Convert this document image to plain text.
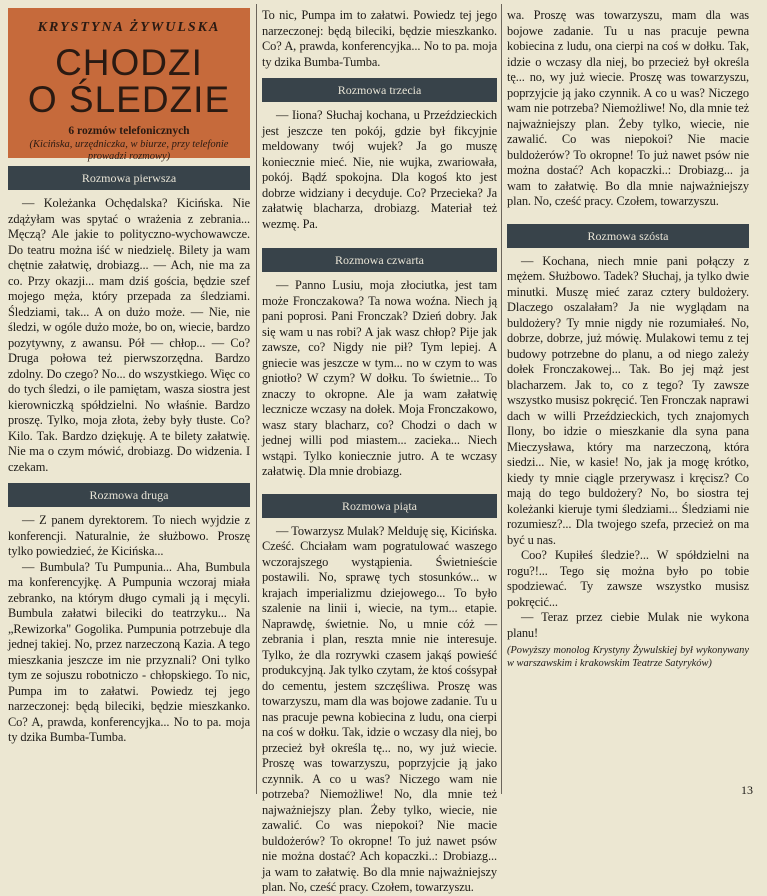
KRYSTYNA ŻYWULSKA
CHODZI
O ŚLEDZIE
6 rozmów telefonicznych
(Kicińska, urzędniczka, w biurze, przy telefonie prowadzi rozmowy)
Rozmowa pierwsza

— Koleżanka Ochędalska? Kicińska. Nie zdążyłam was spytać o wrażenia z zebrania... Męczą? Ale jakie to polityczno-wychowawcze. Do teatru można iść w niedzielę. Bilety ja wam chętnie załatwię, drobiazg... — Ach, nie ma za co. Przy okazji... mam dziś gościa, będzie szef mojego męża, który przepada za śledziami. Śledziami, tak... A on dużo może. — Nie, nie śledzi, w ogóle dużo może, bo on, wiecie, bardzo pozytywny, z awansu. Pół — chłop... — Co? Druga połowa też pierwszorzędna. Bardzo zdolny. Do czego? No... do wszystkiego. Więc co do tych śledzi, o ile pamiętam, wasza siostra jest kierowniczką spółdzielni. No właśnie. Bardzo proszę. Tylko, moja złota, żeby były tłuste. Co? Kilo. Tak. Bardzo dziękuję. A te bilety załatwię. Nie ma o czym mówić, drobiazg. Do widzenia. I czekam.

Rozmowa druga

— Z panem dyrektorem. To niech wyjdzie z konferencji. Naturalnie, że służbowo. Proszę tylko powiedzieć, że Kicińska...

— Bumbula? Tu Pumpunia... Aha, Bumbula ma konferencyjkę. A Pumpunia wczoraj miała zebranko, na którym długo cymali ją i męcyli. Bumbula załatwi bileciki do teatrzyku... Na „Rewizorka" Gogolika. Pumpunia potrzebuje dla jednej takiej. No, przez narzeczoną Kazia. A tego mieszkania jeszcze im nie przyznali? Oni tylko tym ze sojuszu robotniczo - chłopskiego. To nic, Pumpa im to załatwi. Powiedz tej jego narzeczonej: będą bileciki, będzie mieszkanko. Co? A, prawda, konferencyjka... No to pa. moja ty dzika Bumba-Tumba.

To nic, Pumpa im to załatwi. Powiedz tej jego narzeczonej: będą bileciki, będzie mieszkanko. Co? A, prawda, konferencyjka... No to pa. moja ty dzika Bumba-Tumba.

Rozmowa trzecia

— Iiona? Słuchaj kochana, u Przeździeckich jest jeszcze ten pokój, gdzie był fikcyjnie meldowany twój wujek? Ja go muszę koniecznie mieć. Nie, nie wujka, zwariowała, pokój. Bądź spokojna. Dla kogoś kto jest dobrze widziany i decyduje. Co? Przecieka? Ja załatwię blacharza, drobiazg. Materiał też wezmę. Pa.

Rozmowa czwarta

— Panno Lusiu, moja złociutka, jest tam może Fronczakowa? Ta nowa woźna. Niech ją pani poprosi. Pani Fronczak? Dzień dobry. Jak się wam u nas robi? A jak wasz chłop? Pije jak zawsze, co? Nigdy nie pił? Tym lepiej. A gniecie was jeszcze w tym... no w czym to was gniotło? W czym? W dołku. To świetnie... To znaczy to okropne. Ale ja wam załatwię lecznicze wczasy na dołek. Moja Fronczakowo, wasz stary blacharz, co? Chodzi o dach w jednej willi pod miastem... zacieka... Niech wstąpi. Tylko koniecznie jutro. A te wczasy załatwię. Dla mnie drobiazg.

Rozmowa piąta

— Towarzysz Mulak? Melduję się, Kicińska. Cześć. Chciałam wam pogratulować waszego wczorajszego wystąpienia. Świetnieście postawili. No, sprawę tych stosunków... w krajach imperializmu dziejowego... To było szalenie na linii i, wiecie, na tym... etapie. Naprawdę, świetnie. No, u mnie cóż — zebrania i plan, reszta mnie nie interesuje. Tylko, że dla rozrywki czasem jakąś powieść produkcyjną. Jak tylko czytam, że ktoś cośsypał do cementu, jestem szczęśliwa. Proszę was towarzyszu, mam dla was bojowe zadanie. Tu u nas pracuje pewna kobiecina z ludu, ona cierpi na coś w dołku. Tak, idzie o wczasy dla niej, bo przecież był określa tę... no, wy już wiecie. Proszę was towarzyszu, poprzyjcie ją jako czynnik. A co u was? Niczego wam nie potrzeba? Niemożliwe! No, dla mnie też najważniejszy plan. Żeby tylko, wiecie, nie zawalić. Co was niepokoi? Nie macie buldożerów? To okropne! To już nawet psów nie można dostać? Ach kopaczki..: Drobiazg... ja wam to załatwię. Bo dla mnie najważniejszy plan. No, cześć pracy. Czołem, towarzyszu.

wa. Proszę was towarzyszu, mam dla was bojowe zadanie. Tu u nas pracuje pewna kobiecina z ludu, ona cierpi na coś w dołku. Tak, idzie o wczasy dla niej, bo przecież był określa tę... no, wy już wiecie. Proszę was towarzyszu, poprzyjcie ją jako czynnik. A co u was? Niczego wam nie potrzeba? Niemożliwe! No, dla mnie też najważniejszy plan. Żeby tylko, wiecie, nie zawalić. Co was niepokoi? Nie macie buldożerów? To okropne! To już nawet psów nie można dostać? Ach kopaczki..: Drobiazg... ja wam to załatwię. Bo dla mnie najważniejszy plan. No, cześć pracy. Czołem, towarzyszu.

Rozmowa szósta

— Kochana, niech mnie pani połączy z mężem. Służbowo. Tadek? Słuchaj, ja tylko dwie minutki. Muszę mieć zaraz cztery buldożery. Dlaczego oszalałam? Ja nie wyglądam na buldożery? Ty mnie nigdy nie rozumiałeś. No, dobrze, dobrze, już mówię. Mulakowi temu z tej budowy potrzebne do planu, a od niego zależy dołek Fronczakowej... Tak. Bo jej mąż jest blacharzem. Jak to, co z tego? Ty zawsze wszystko musisz pokręcić. Ten Fronczak naprawi dach w willi Przeździeckich, tych znajomych Ilony, bo idzie o mieszkanie dla syna pana Mieczysława, który ma narzeczoną, która siedzi... Nie, w kasie! No, jak ja mogę krótko, kiedy ty mnie ciągle przerywasz i kręcisz? Co mają do tego buldożery? No, bo siostra tej koleżanki kieruje tymi śledziami... Śledziami nie rozumiesz?... Dla twojego szefa, przecież on ma być u nas.

Coo? Kupiłeś śledzie?... W spółdzielni na rogu?!... Tego się można było po tobie spodziewać. Ty zawsze wszystko musisz pokręcić...

— Teraz przez ciebie Mulak nie wykona planu!

(Powyższy monolog Krystyny Żywulskiej był wykonywany w warszawskim i krakowskim Teatrze Satyryków)
13
